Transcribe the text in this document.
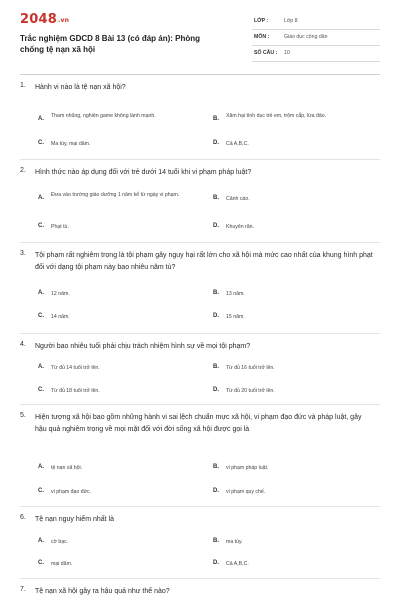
2048.vn
Trắc nghiệm GDCD 8 Bài 13 (có đáp án): Phòng chống tệ nạn xã hội
LỚP :	Lớp 8
MÔN :	Giáo dục công dân
SỐ CÂU : 10
1. Hành vi nào là tệ nạn xã hội?
A. Tham nhũng, nghiện game không lành mạnh.	B. Xâm hại tình dục trẻ em, trộm cắp, lừa đảo.
C. Ma túy, mại dâm.	D. Cả A,B,C.
2. Hình thức nào áp dụng đối với trẻ dưới 14 tuổi khi vi phạm pháp luật?
A. Đưa vào trường giáo dưỡng 1 năm kể từ ngày vi phạm.	B. Cảnh cáo.
C. Phạt tù.	D. Khuyên răn.
3. Tội phạm rất nghiêm trọng là tội phạm gây nguy hại rất lớn cho xã hội mà mức cao nhất của khung hình phạt đối với dạng tội phạm này bao nhiêu năm tù?
A. 12 năm.	B. 13 năm.
C. 14 năm.	D. 15 năm.
4. Người bao nhiêu tuổi phải chịu trách nhiệm hình sự về mọi tội phạm?
A. Từ đủ 14 tuổi trở lên.	B. Từ đủ 16 tuổi trở lên.
C. Từ đủ 18 tuổi trở lên.	D. Từ đủ 20 tuổi trở lên.
5. Hiện tượng xã hội bao gồm những hành vi sai lệch chuẩn mực xã hội, vi phạm đạo đức và pháp luật, gây hậu quả nghiêm trọng về mọi mặt đối với đời sống xã hội được gọi là
A. tệ nạn xã hội.	B. vi phạm pháp luật.
C. vi phạm đạo đức.	D. vi phạm quy chế.
6. Tệ nạn nguy hiểm nhất là
A. cờ bạc.	B. ma túy.
C. mại dâm.	D. Cả A,B,C.
7. Tệ nạn xã hội gây ra hậu quả như thế nào?
